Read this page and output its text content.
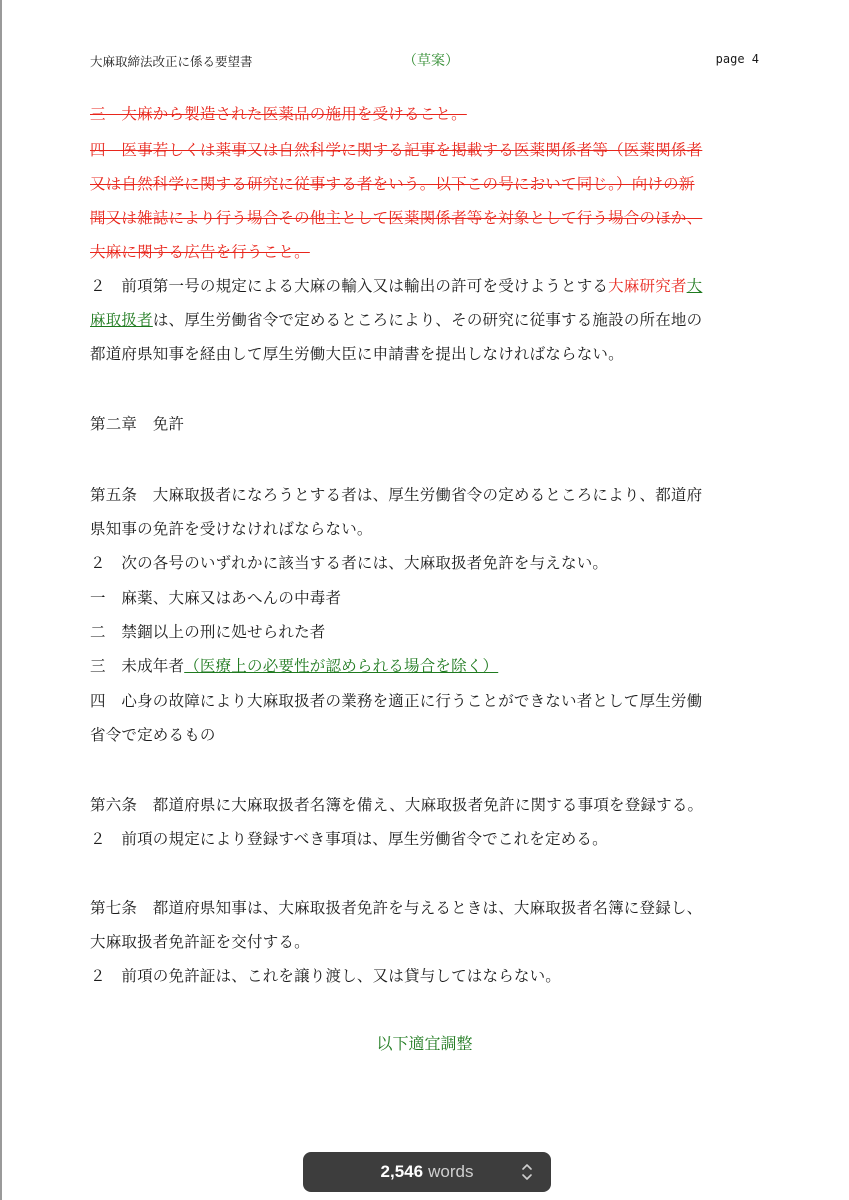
大麻取締法改正に係る要望書	（草案）	page 4
三　大麻から製造された医薬品の施用を受けること。
四　医事若しくは薬事又は自然科学に関する記事を掲載する医薬関係者等（医薬関係者
又は自然科学に関する研究に従事する者をいう。以下この号において同じ。）向けの新
聞又は雑誌により行う場合その他主として医薬関係者等を対象として行う場合のほか、
大麻に関する広告を行うこと。
２　前項第一号の規定による大麻の輸入又は輸出の許可を受けようとする大麻研究者大
麻取扱者は、厚生労働省令で定めるところにより、その研究に従事する施設の所在地の
都道府県知事を経由して厚生労働大臣に申請書を提出しなければならない。
第二章　免許
第五条　大麻取扱者になろうとする者は、厚生労働省令の定めるところにより、都道府
県知事の免許を受けなければならない。
２　次の各号のいずれかに該当する者には、大麻取扱者免許を与えない。
一　麻薬、大麻又はあへんの中毒者
二　禁錮以上の刑に処せられた者
三　未成年者（医療上の必要性が認められる場合を除く）
四　心身の故障により大麻取扱者の業務を適正に行うことができない者として厚生労働
省令で定めるもの
第六条　都道府県に大麻取扱者名簿を備え、大麻取扱者免許に関する事項を登録する。
２　前項の規定により登録すべき事項は、厚生労働省令でこれを定める。
第七条　都道府県知事は、大麻取扱者免許を与えるときは、大麻取扱者名簿に登録し、
大麻取扱者免許証を交付する。
２　前項の免許証は、これを譲り渡し、又は貸与してはならない。
以下適宜調整
2,546 words
